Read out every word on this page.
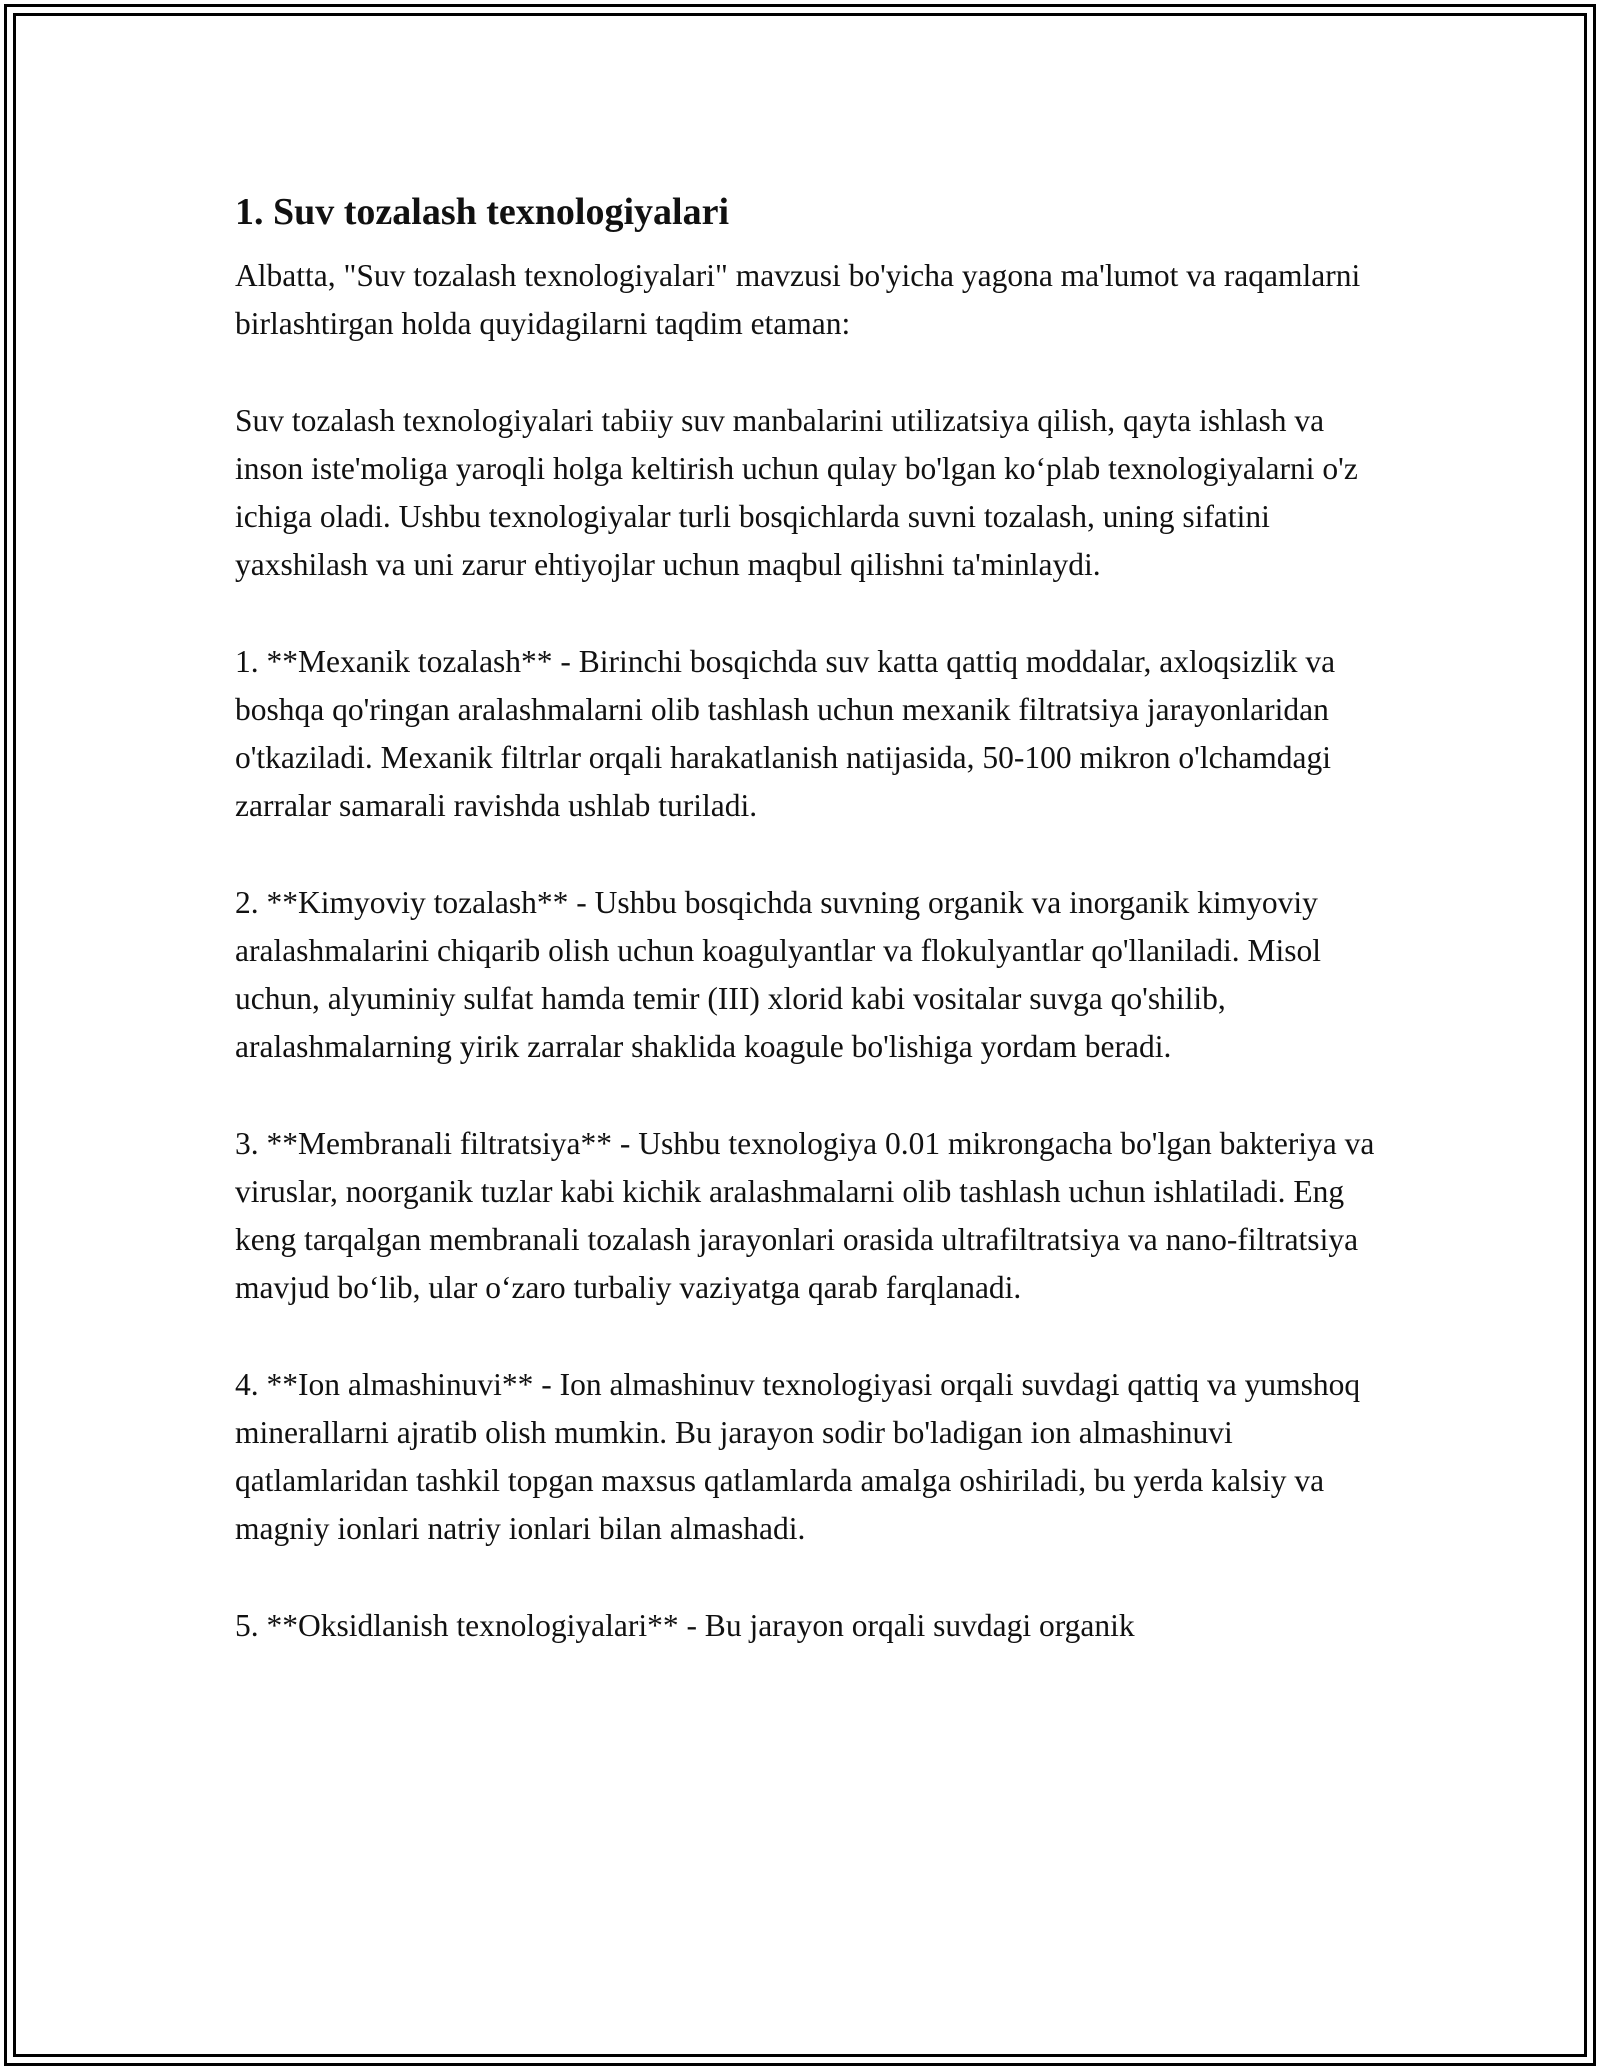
1. Suv tozalash texnologiyalari

Albatta, "Suv tozalash texnologiyalari" mavzusi bo'yicha yagona ma'lumot va raqamlarni birlashtirgan holda quyidagilarni taqdim etaman:

Suv tozalash texnologiyalari tabiiy suv manbalarini utilizatsiya qilish, qayta ishlash va inson iste'moliga yaroqli holga keltirish uchun qulay bo'lgan ko‘plab texnologiyalarni o'z ichiga oladi. Ushbu texnologiyalar turli bosqichlarda suvni tozalash, uning sifatini yaxshilash va uni zarur ehtiyojlar uchun maqbul qilishni ta'minlaydi.

1. **Mexanik tozalash** - Birinchi bosqichda suv katta qattiq moddalar, axloqsizlik va boshqa qo'ringan aralashmalarni olib tashlash uchun mexanik filtratsiya jarayonlaridan o'tkaziladi. Mexanik filtrlar orqali harakatlanish natijasida, 50-100 mikron o'lchamdagi zarralar samarali ravishda ushlab turiladi.

2. **Kimyoviy tozalash** - Ushbu bosqichda suvning organik va inorganik kimyoviy aralashmalarini chiqarib olish uchun koagulyantlar va flokulyantlar qo'llaniladi. Misol uchun, alyuminiy sulfat hamda temir (III) xlorid kabi vositalar suvga qo'shilib, aralashmalarning yirik zarralar shaklida koagule bo'lishiga yordam beradi.

3. **Membranali filtratsiya** - Ushbu texnologiya 0.01 mikrongacha bo'lgan bakteriya va viruslar, noorganik tuzlar kabi kichik aralashmalarni olib tashlash uchun ishlatiladi. Eng keng tarqalgan membranali tozalash jarayonlari orasida ultrafiltratsiya va nano-filtratsiya mavjud bo‘lib, ular o‘zaro turbaliy vaziyatga qarab farqlanadi.

4. **Ion almashinuvi** - Ion almashinuv texnologiyasi orqali suvdagi qattiq va yumshoq minerallarni ajratib olish mumkin. Bu jarayon sodir bo'ladigan ion almashinuvi qatlamlaridan tashkil topgan maxsus qatlamlarda amalga oshiriladi, bu yerda kalsiy va magniy ionlari natriy ionlari bilan almashadi.

5. **Oksidlanish texnologiyalari** - Bu jarayon orqali suvdagi organik
